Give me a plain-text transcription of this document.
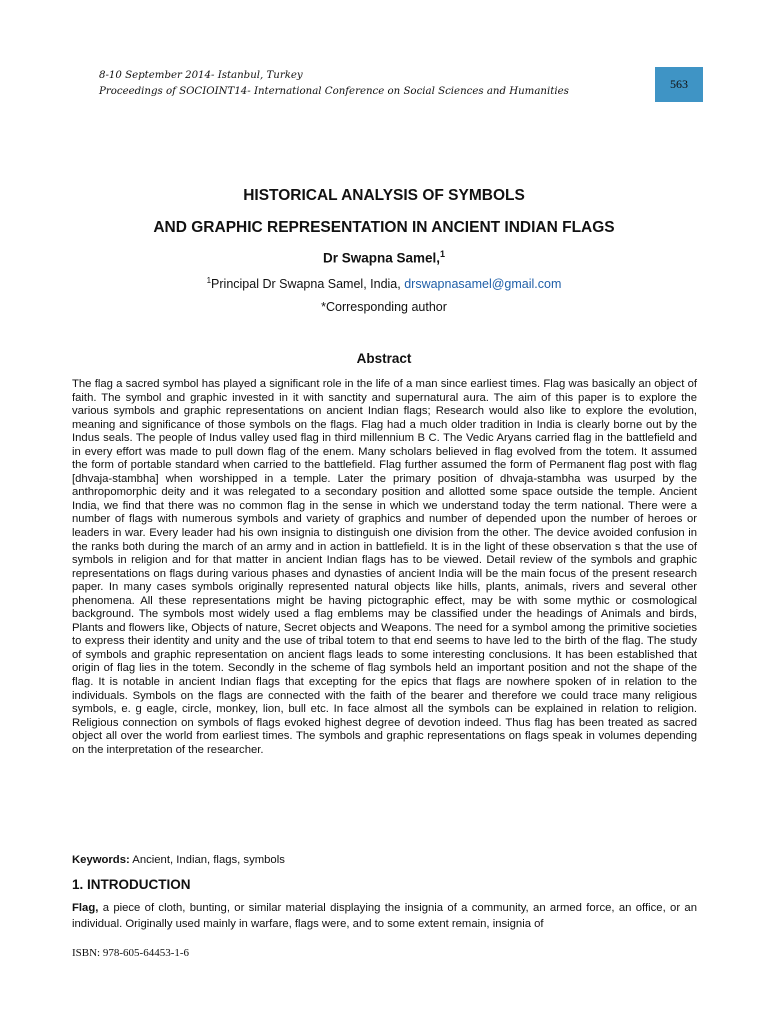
8-10 September 2014- Istanbul, Turkey
Proceedings of SOCIOINT14- International Conference on Social Sciences and Humanities
563
HISTORICAL ANALYSIS OF SYMBOLS
AND GRAPHIC REPRESENTATION IN ANCIENT INDIAN FLAGS
Dr Swapna Samel,$^1$
$^1$Principal Dr Swapna Samel, India, drswapnasamel@gmail.com
*Corresponding author
Abstract

The flag a sacred symbol has played a significant role in the life of a man since earliest times. Flag was basically an object of faith. The symbol and graphic invested in it with sanctity and supernatural aura. The aim of this paper is to explore the various symbols and graphic representations on ancient Indian flags; Research would also like to explore the evolution, meaning and significance of those symbols on the flags. Flag had a much older tradition in India is clearly borne out by the Indus seals. The people of Indus valley used flag in third millennium B C. The Vedic Aryans carried flag in the battlefield and in every effort was made to pull down flag of the enem. Many scholars believed in flag evolved from the totem. It assumed the form of portable standard when carried to the battlefield. Flag further assumed the form of Permanent flag post with flag [dhvaja-stambha] when worshipped in a temple. Later the primary position of dhvaja-stambha was usurped by the anthropomorphic deity and it was relegated to a secondary position and allotted some space outside the temple. Ancient India, we find that there was no common flag in the sense in which we understand today the term national. There were a number of flags with numerous symbols and variety of graphics and number of depended upon the number of heroes or leaders in war. Every leader had his own insignia to distinguish one division from the other. The device avoided confusion in the ranks both during the march of an army and in action in battlefield. It is in the light of these observation s that the use of symbols in religion and for that matter in ancient Indian flags has to be viewed. Detail review of the symbols and graphic representations on flags during various phases and dynasties of ancient India will be the main focus of the present research paper. In many cases symbols originally represented natural objects like hills, plants, animals, rivers and several other phenomena. All these representations might be having pictographic effect, may be with some mythic or cosmological background. The symbols most widely used a flag emblems may be classified under the headings of Animals and birds, Plants and flowers like, Objects of nature, Secret objects and Weapons. The need for a symbol among the primitive societies to express their identity and unity and the use of tribal totem to that end seems to have led to the birth of the flag. The study of symbols and graphic representation on ancient flags leads to some interesting conclusions. It has been established that origin of flag lies in the totem. Secondly in the scheme of flag symbols held an important position and not the shape of the flag. It is notable in ancient Indian flags that excepting for the epics that flags are nowhere spoken of in relation to the individuals. Symbols on the flags are connected with the faith of the bearer and therefore we could trace many religious symbols, e. g eagle, circle, monkey, lion, bull etc. In face almost all the symbols can be explained in relation to religion. Religious connection on symbols of flags evoked highest degree of devotion indeed. Thus flag has been treated as sacred object all over the world from earliest times. The symbols and graphic representations on flags speak in volumes depending on the interpretation of the researcher.

Keywords: Ancient, Indian, flags, symbols
1. INTRODUCTION

Flag, a piece of cloth, bunting, or similar material displaying the insignia of a community, an armed force, an office, or an individual. Originally used mainly in warfare, flags were, and to some extent remain, insignia of

ISBN: 978-605-64453-1-6
